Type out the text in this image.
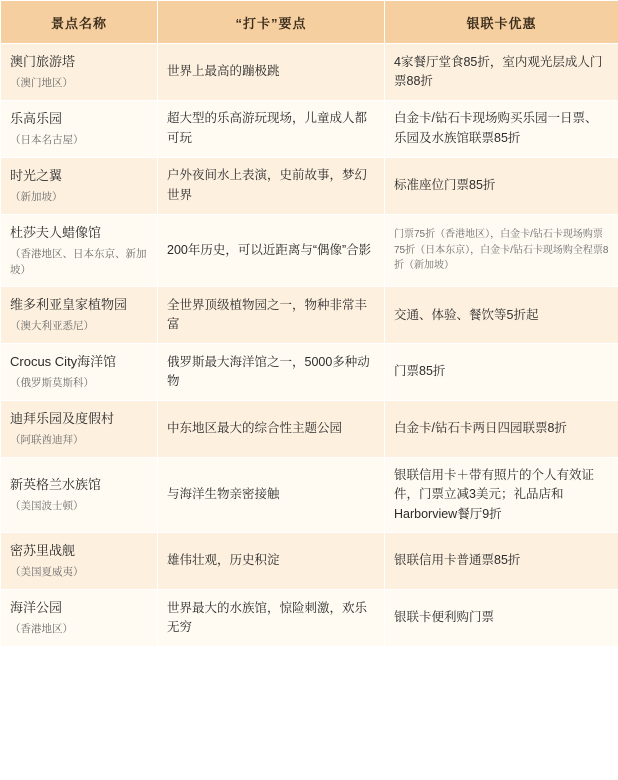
景点名称	“打卡”要点	银联卡优惠

澳门旅游塔
（澳门地区）	世界上最高的蹦极跳	4家餐厅堂食85折，室内观光层成人门票88折

乐高乐园
（日本名古屋）	超大型的乐高游玩现场，儿童成人都可玩	白金卡/钻石卡现场购买乐园一日票、乐园及水族馆联票85折

时光之翼
（新加坡）	户外夜间水上表演，史前故事，梦幻世界	标准座位门票85折

杜莎夫人蜡像馆
（香港地区、日本东京、新加坡）	200年历史，可以近距离与“偶像”合影	门票75折（香港地区），白金卡/钻石卡现场购票75折（日本东京），白金卡/钻石卡现场购全程票8折（新加坡）

维多利亚皇家植物园
（澳大利亚悉尼）	全世界顶级植物园之一，物种非常丰富	交通、体验、餐饮等5折起

Crocus City海洋馆
（俄罗斯莫斯科）	俄罗斯最大海洋馆之一，5000多种动物	门票85折

迪拜乐园及度假村
（阿联酋迪拜）	中东地区最大的综合性主题公园	白金卡/钻石卡两日四园联票8折

新英格兰水族馆
（美国波士顿）	与海洋生物亲密接触	银联信用卡＋带有照片的个人有效证件，门票立减3美元；礼品店和Harborview餐厅9折

密苏里战舰
（美国夏威夷）	雄伟壮观，历史积淀	银联信用卡普通票85折

海洋公园
（香港地区）	世界最大的水族馆，惊险刺激，欢乐无穷	银联卡便利购门票
